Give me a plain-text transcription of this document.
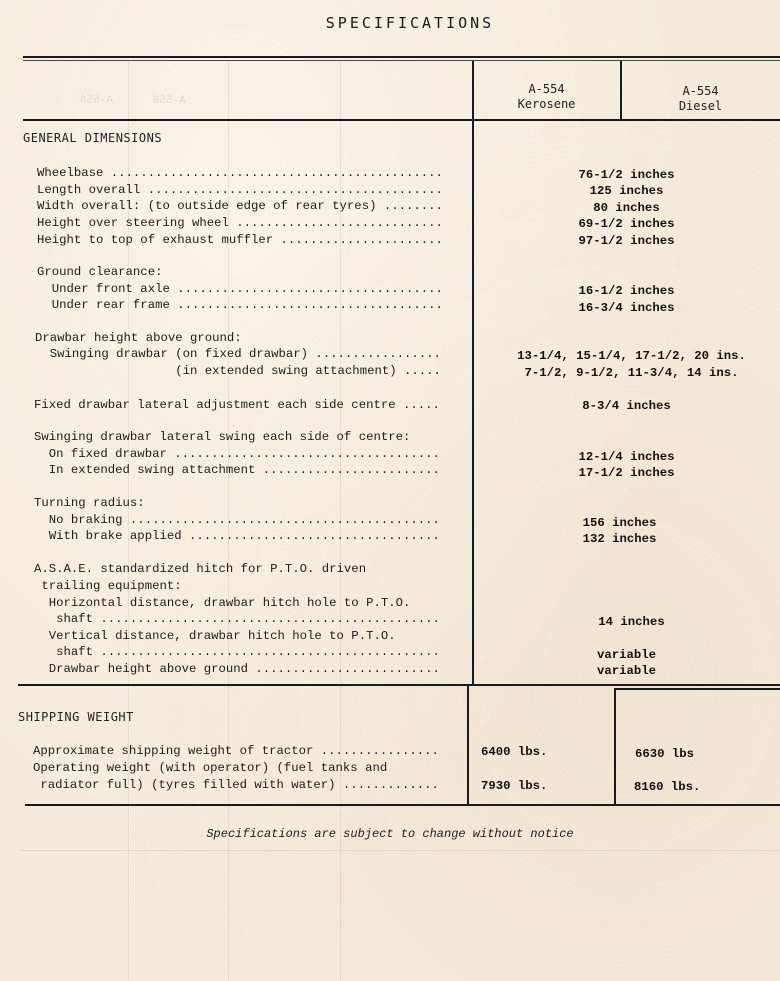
A-558      A-558
SPECIFICATIONS
A-554
Kerosene
A-554
Diesel
GENERAL DIMENSIONS
Wheelbase .............................................
Length overall ........................................
Width overall: (to outside edge of rear tyres) ........
Height over steering wheel ............................
Height to top of exhaust muffler ......................
Ground clearance:
Under front axle ....................................
Under rear frame ....................................
Drawbar height above ground:
Swinging drawbar (on fixed drawbar) .................
(in extended swing attachment) .....
Fixed drawbar lateral adjustment each side centre .....
Swinging drawbar lateral swing each side of centre:
On fixed drawbar ....................................
In extended swing attachment ........................
Turning radius:
No braking ..........................................
With brake applied ..................................
A.S.A.E. standardized hitch for P.T.O. driven
trailing equipment:
Horizontal distance, drawbar hitch hole to P.T.O.
shaft ..............................................
Vertical distance, drawbar hitch hole to P.T.O.
shaft ..............................................
Drawbar height above ground .........................
76-1/2 inches
125 inches
80 inches
69-1/2 inches
97-1/2 inches
16-1/2 inches
16-3/4 inches
13-1/4, 15-1/4, 17-1/2, 20 ins.
7-1/2, 9-1/2, 11-3/4, 14 ins.
8-3/4 inches
12-1/4 inches
17-1/2 inches
156 inches
132 inches
14 inches
variable
variable
SHIPPING WEIGHT
Approximate shipping weight of tractor ................
Operating weight (with operator) (fuel tanks and
radiator full) (tyres filled with water) .............
6400 lbs.	6630 lbs
7930 lbs.	8160 lbs.
Specifications are subject to change without notice
